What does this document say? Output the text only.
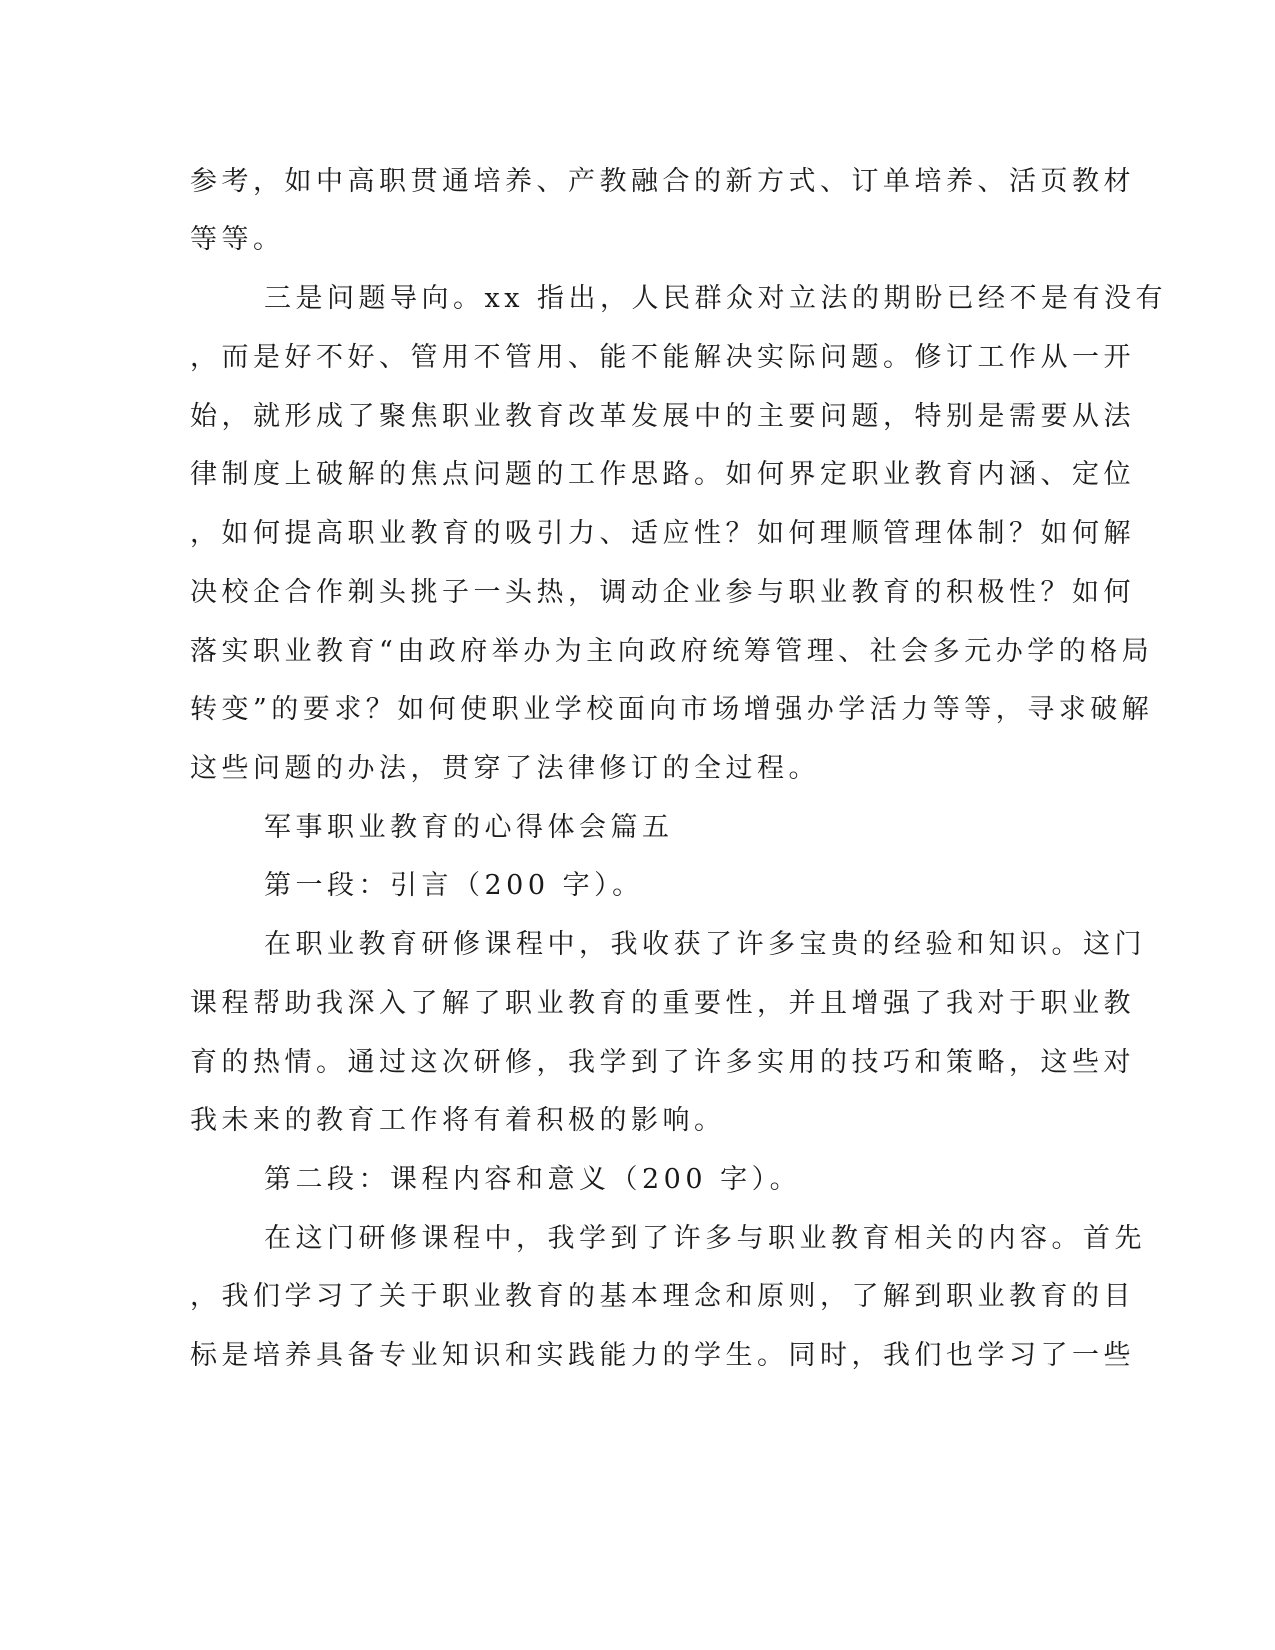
参考，如中高职贯通培养、产教融合的新方式、订单培养、活页教材
等等。
三是问题导向。xx 指出，人民群众对立法的期盼已经不是有没有
，而是好不好、管用不管用、能不能解决实际问题。修订工作从一开
始，就形成了聚焦职业教育改革发展中的主要问题，特别是需要从法
律制度上破解的焦点问题的工作思路。如何界定职业教育内涵、定位
，如何提高职业教育的吸引力、适应性？如何理顺管理体制？如何解
决校企合作剃头挑子一头热，调动企业参与职业教育的积极性？如何
落实职业教育“由政府举办为主向政府统筹管理、社会多元办学的格局
转变”的要求？如何使职业学校面向市场增强办学活力等等，寻求破解
这些问题的办法，贯穿了法律修订的全过程。
军事职业教育的心得体会篇五
第一段：引言（200 字）。
在职业教育研修课程中，我收获了许多宝贵的经验和知识。这门
课程帮助我深入了解了职业教育的重要性，并且增强了我对于职业教
育的热情。通过这次研修，我学到了许多实用的技巧和策略，这些对
我未来的教育工作将有着积极的影响。
第二段：课程内容和意义（200 字）。
在这门研修课程中，我学到了许多与职业教育相关的内容。首先
，我们学习了关于职业教育的基本理念和原则，了解到职业教育的目
标是培养具备专业知识和实践能力的学生。同时，我们也学习了一些
